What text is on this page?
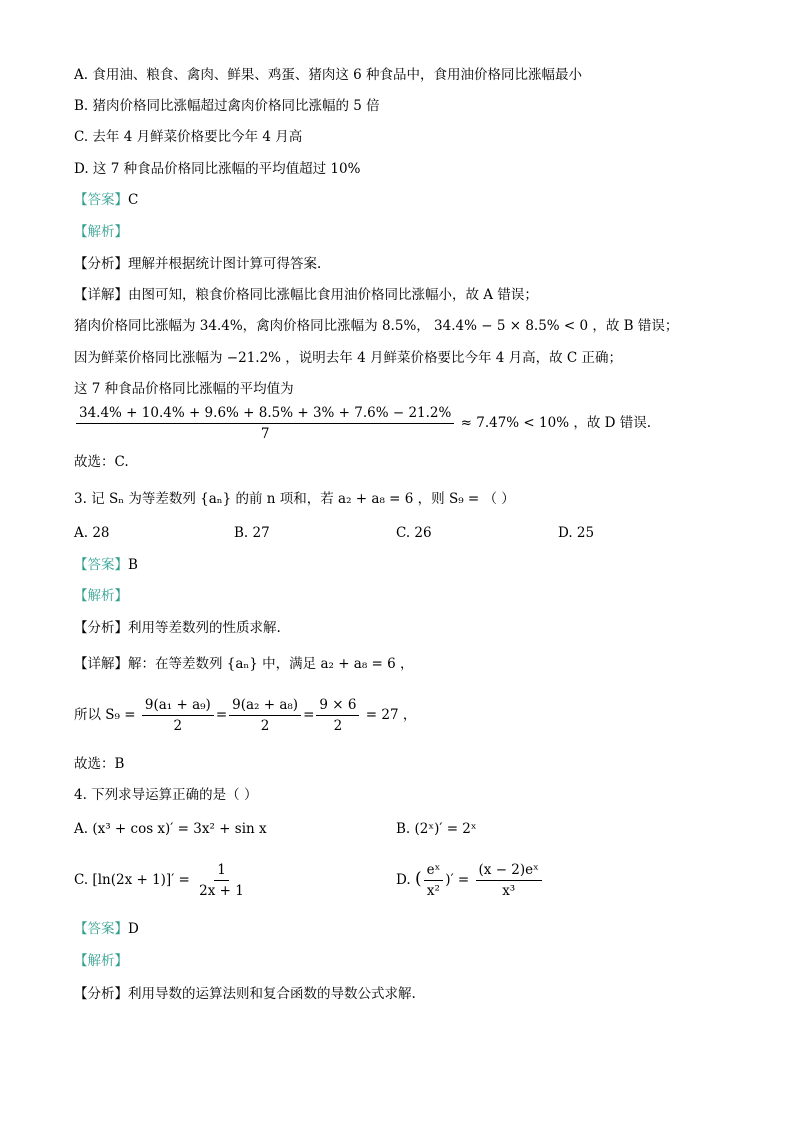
A. 食用油、粮食、禽肉、鲜果、鸡蛋、猪肉这 6 种食品中，食用油价格同比涨幅最小
B. 猪肉价格同比涨幅超过禽肉价格同比涨幅的 5 倍
C. 去年 4 月鲜菜价格要比今年 4 月高
D. 这 7 种食品价格同比涨幅的平均值超过 10%
【答案】C
【解析】
【分析】理解并根据统计图计算可得答案.
【详解】由图可知，粮食价格同比涨幅比食用油价格同比涨幅小，故 A 错误；
猪肉价格同比涨幅为 34.4%，禽肉价格同比涨幅为 8.5%， 34.4% − 5 × 8.5% < 0 ，故 B 错误；
因为鲜菜价格同比涨幅为 −21.2% ，说明去年 4 月鲜菜价格要比今年 4 月高，故 C 正确；
这 7 种食品价格同比涨幅的平均值为
$\frac{34.4\% + 10.4\% + 9.6\% + 8.5\% + 3\% + 7.6\% - 21.2\%}{7} \approx 7.47\% < 10\%$ ，故 D 错误.
故选：C.
3. 记 Sₙ 为等差数列 {aₙ} 的前 n 项和，若 a₂ + a₈ = 6 ，则 S₉ = （ ）
A. 28	B. 27	C. 26	D. 25
【答案】B
【解析】
【分析】利用等差数列的性质求解.
【详解】解：在等差数列 {aₙ} 中，满足 a₂ + a₈ = 6 ，
所以 $S_9 = \frac{\text{9(a₁ + a₉)}}{2} = \frac{\text{9(a₂ + a₈)}}{2} = \frac{9 \times 6}{2} = 27$ ，
故选：B
4. 下列求导运算正确的是（ ）
A. (x³ + cos x)′ = 3x² + sin x	B. (2ˣ)′ = 2ˣ
C. $[\ln(2x + 1)]' = \frac{1}{2x + 1}$	D. ( $\frac{\text{eˣ}}{\text{x²}}$ )′ = $\frac{\text{(x − 2)eˣ}}{\text{x³}}$
【答案】D
【解析】
【分析】利用导数的运算法则和复合函数的导数公式求解.
